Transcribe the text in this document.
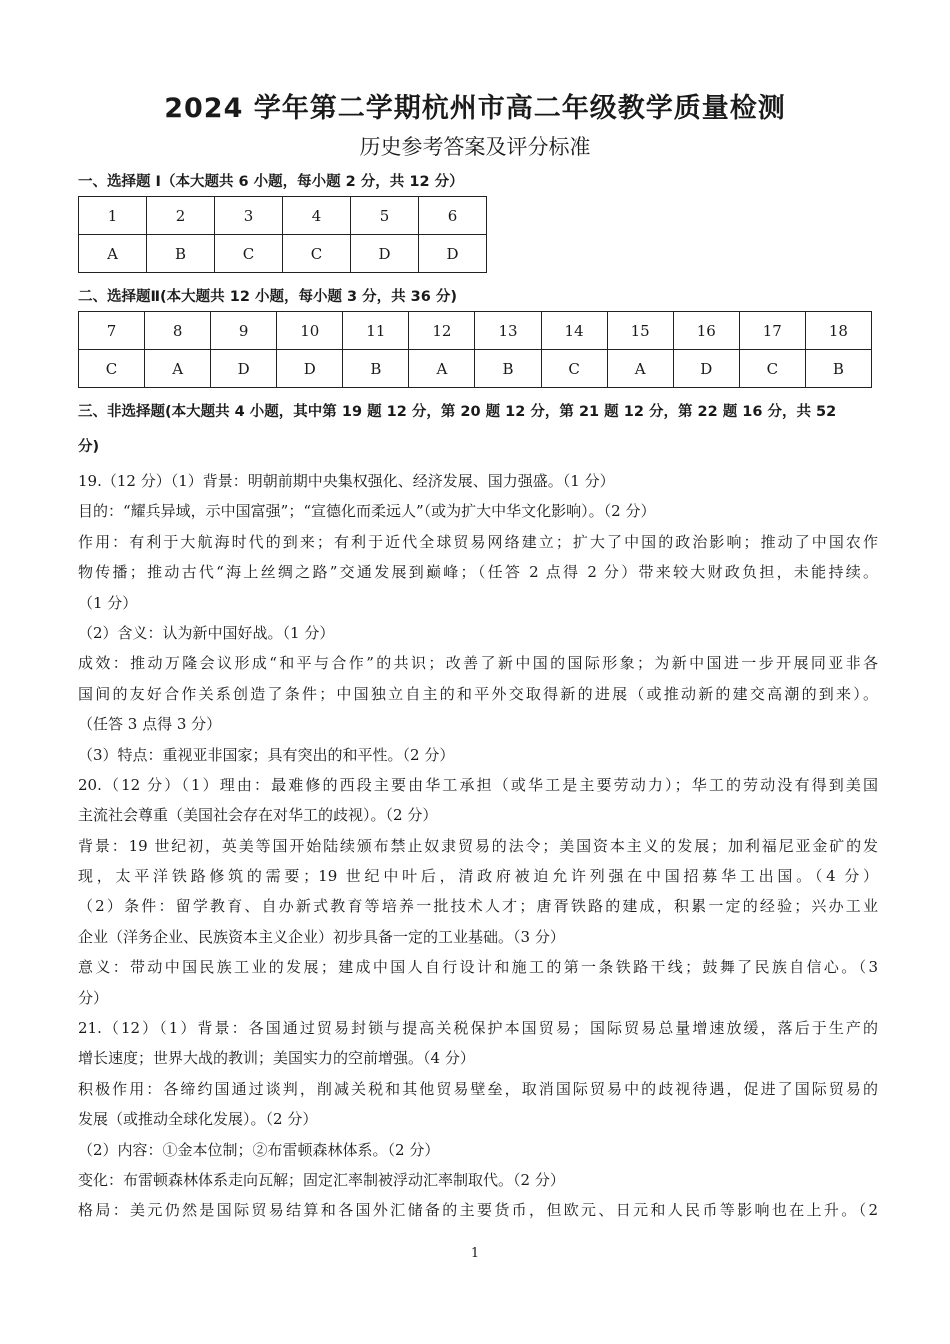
2024 学年第二学期杭州市高二年级教学质量检测
历史参考答案及评分标准
一、选择题 I（本大题共 6 小题，每小题 2 分，共 12 分）
1	2	3	4	5	6
A	B	C	C	D	D
二、选择题Ⅱ(本大题共 12 小题，每小题 3 分，共 36 分)
7	8	9	10	11	12	13	14	15	16	17	18
C	A	D	D	B	A	B	C	A	D	C	B
三、非选择题(本大题共 4 小题，其中第 19 题 12 分，第 20 题 12 分，第 21 题 12 分，第 22 题 16 分，共 52
分)
19.（12 分）（1）背景：明朝前期中央集权强化、经济发展、国力强盛。（1 分）
目的：“耀兵异域，示中国富强”；“宣德化而柔远人”（或为扩大中华文化影响）。（2 分）
作用：有利于大航海时代的到来；有利于近代全球贸易网络建立；扩大了中国的政治影响；推动了中国农作
物传播；推动古代“海上丝绸之路”交通发展到巅峰；（任答 2 点得 2 分）带来较大财政负担，未能持续。
（1 分）
（2）含义：认为新中国好战。（1 分）
成效：推动万隆会议形成“和平与合作”的共识；改善了新中国的国际形象；为新中国进一步开展同亚非各
国间的友好合作关系创造了条件；中国独立自主的和平外交取得新的进展（或推动新的建交高潮的到来）。
（任答 3 点得 3 分）
（3）特点：重视亚非国家；具有突出的和平性。（2 分）
20.（12 分）（1）理由：最难修的西段主要由华工承担（或华工是主要劳动力）；华工的劳动没有得到美国
主流社会尊重（美国社会存在对华工的歧视）。（2 分）
背景：19 世纪初，英美等国开始陆续颁布禁止奴隶贸易的法令；美国资本主义的发展；加利福尼亚金矿的发
现，太平洋铁路修筑的需要；19 世纪中叶后，清政府被迫允许列强在中国招募华工出国。（4 分）
（2）条件：留学教育、自办新式教育等培养一批技术人才；唐胥铁路的建成，积累一定的经验；兴办工业
企业（洋务企业、民族资本主义企业）初步具备一定的工业基础。（3 分）
意义：带动中国民族工业的发展；建成中国人自行设计和施工的第一条铁路干线；鼓舞了民族自信心。（3
分）
21.（12）（1）背景：各国通过贸易封锁与提高关税保护本国贸易；国际贸易总量增速放缓，落后于生产的
增长速度；世界大战的教训；美国实力的空前增强。（4 分）
积极作用：各缔约国通过谈判，削减关税和其他贸易壁垒，取消国际贸易中的歧视待遇，促进了国际贸易的
发展（或推动全球化发展）。（2 分）
（2）内容：①金本位制；②布雷顿森林体系。（2 分）
变化：布雷顿森林体系走向瓦解；固定汇率制被浮动汇率制取代。（2 分）
格局：美元仍然是国际贸易结算和各国外汇储备的主要货币，但欧元、日元和人民币等影响也在上升。（2
1
